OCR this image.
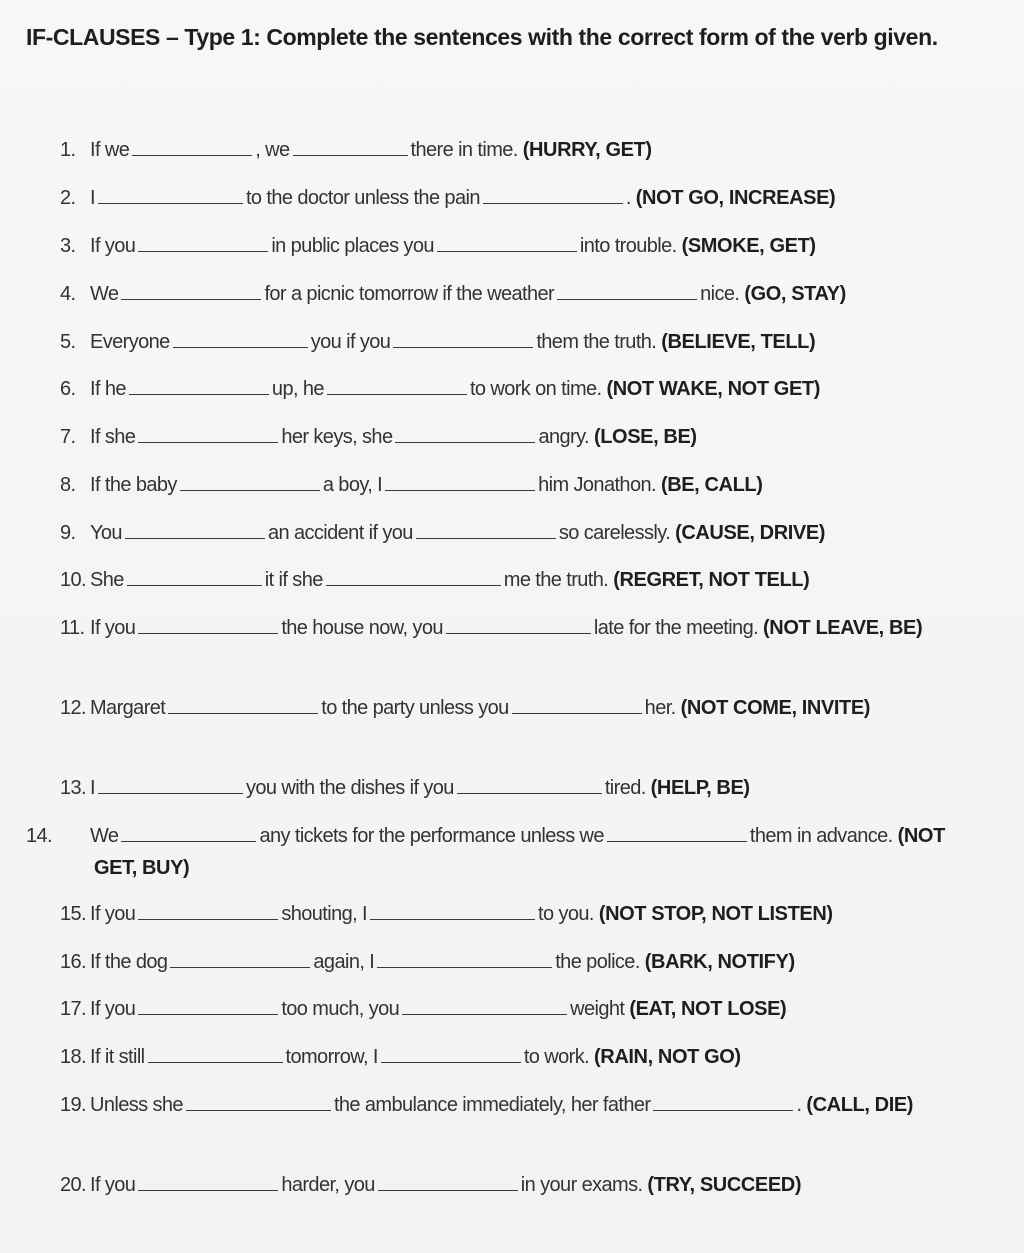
IF-CLAUSES – Type 1: Complete the sentences with the correct form of the verb given.
1. If we	, we	there in time. (HURRY, GET)
2. I	to the doctor unless the pain	. (NOT GO, INCREASE)
3. If you	in public places you	into trouble. (SMOKE, GET)
4. We	for a picnic tomorrow if the weather	nice. (GO, STAY)
5. Everyone	you if you	them the truth. (BELIEVE, TELL)
6. If he	up, he	to work on time. (NOT WAKE, NOT GET)
7. If she	her keys, she	angry. (LOSE, BE)
8. If the baby	a boy, I	him Jonathon. (BE, CALL)
9. You	an accident if you	so carelessly. (CAUSE, DRIVE)
10. She	it if she	me the truth. (REGRET, NOT TELL)
11. If you	the house now, you	late for the meeting. (NOT LEAVE, BE)
12. Margaret	to the party unless you	her. (NOT COME, INVITE)
13. I	you with the dishes if you	tired. (HELP, BE)
14. We	any tickets for the performance unless we	them in advance. (NOT GET, BUY)
15. If you	shouting, I	to you. (NOT STOP, NOT LISTEN)
16. If the dog	again, I	the police. (BARK, NOTIFY)
17. If you	too much, you	weight (EAT, NOT LOSE)
18. If it still	tomorrow, I	to work. (RAIN, NOT GO)
19. Unless she	the ambulance immediately, her father	. (CALL, DIE)
20. If you	harder, you	in your exams. (TRY, SUCCEED)
